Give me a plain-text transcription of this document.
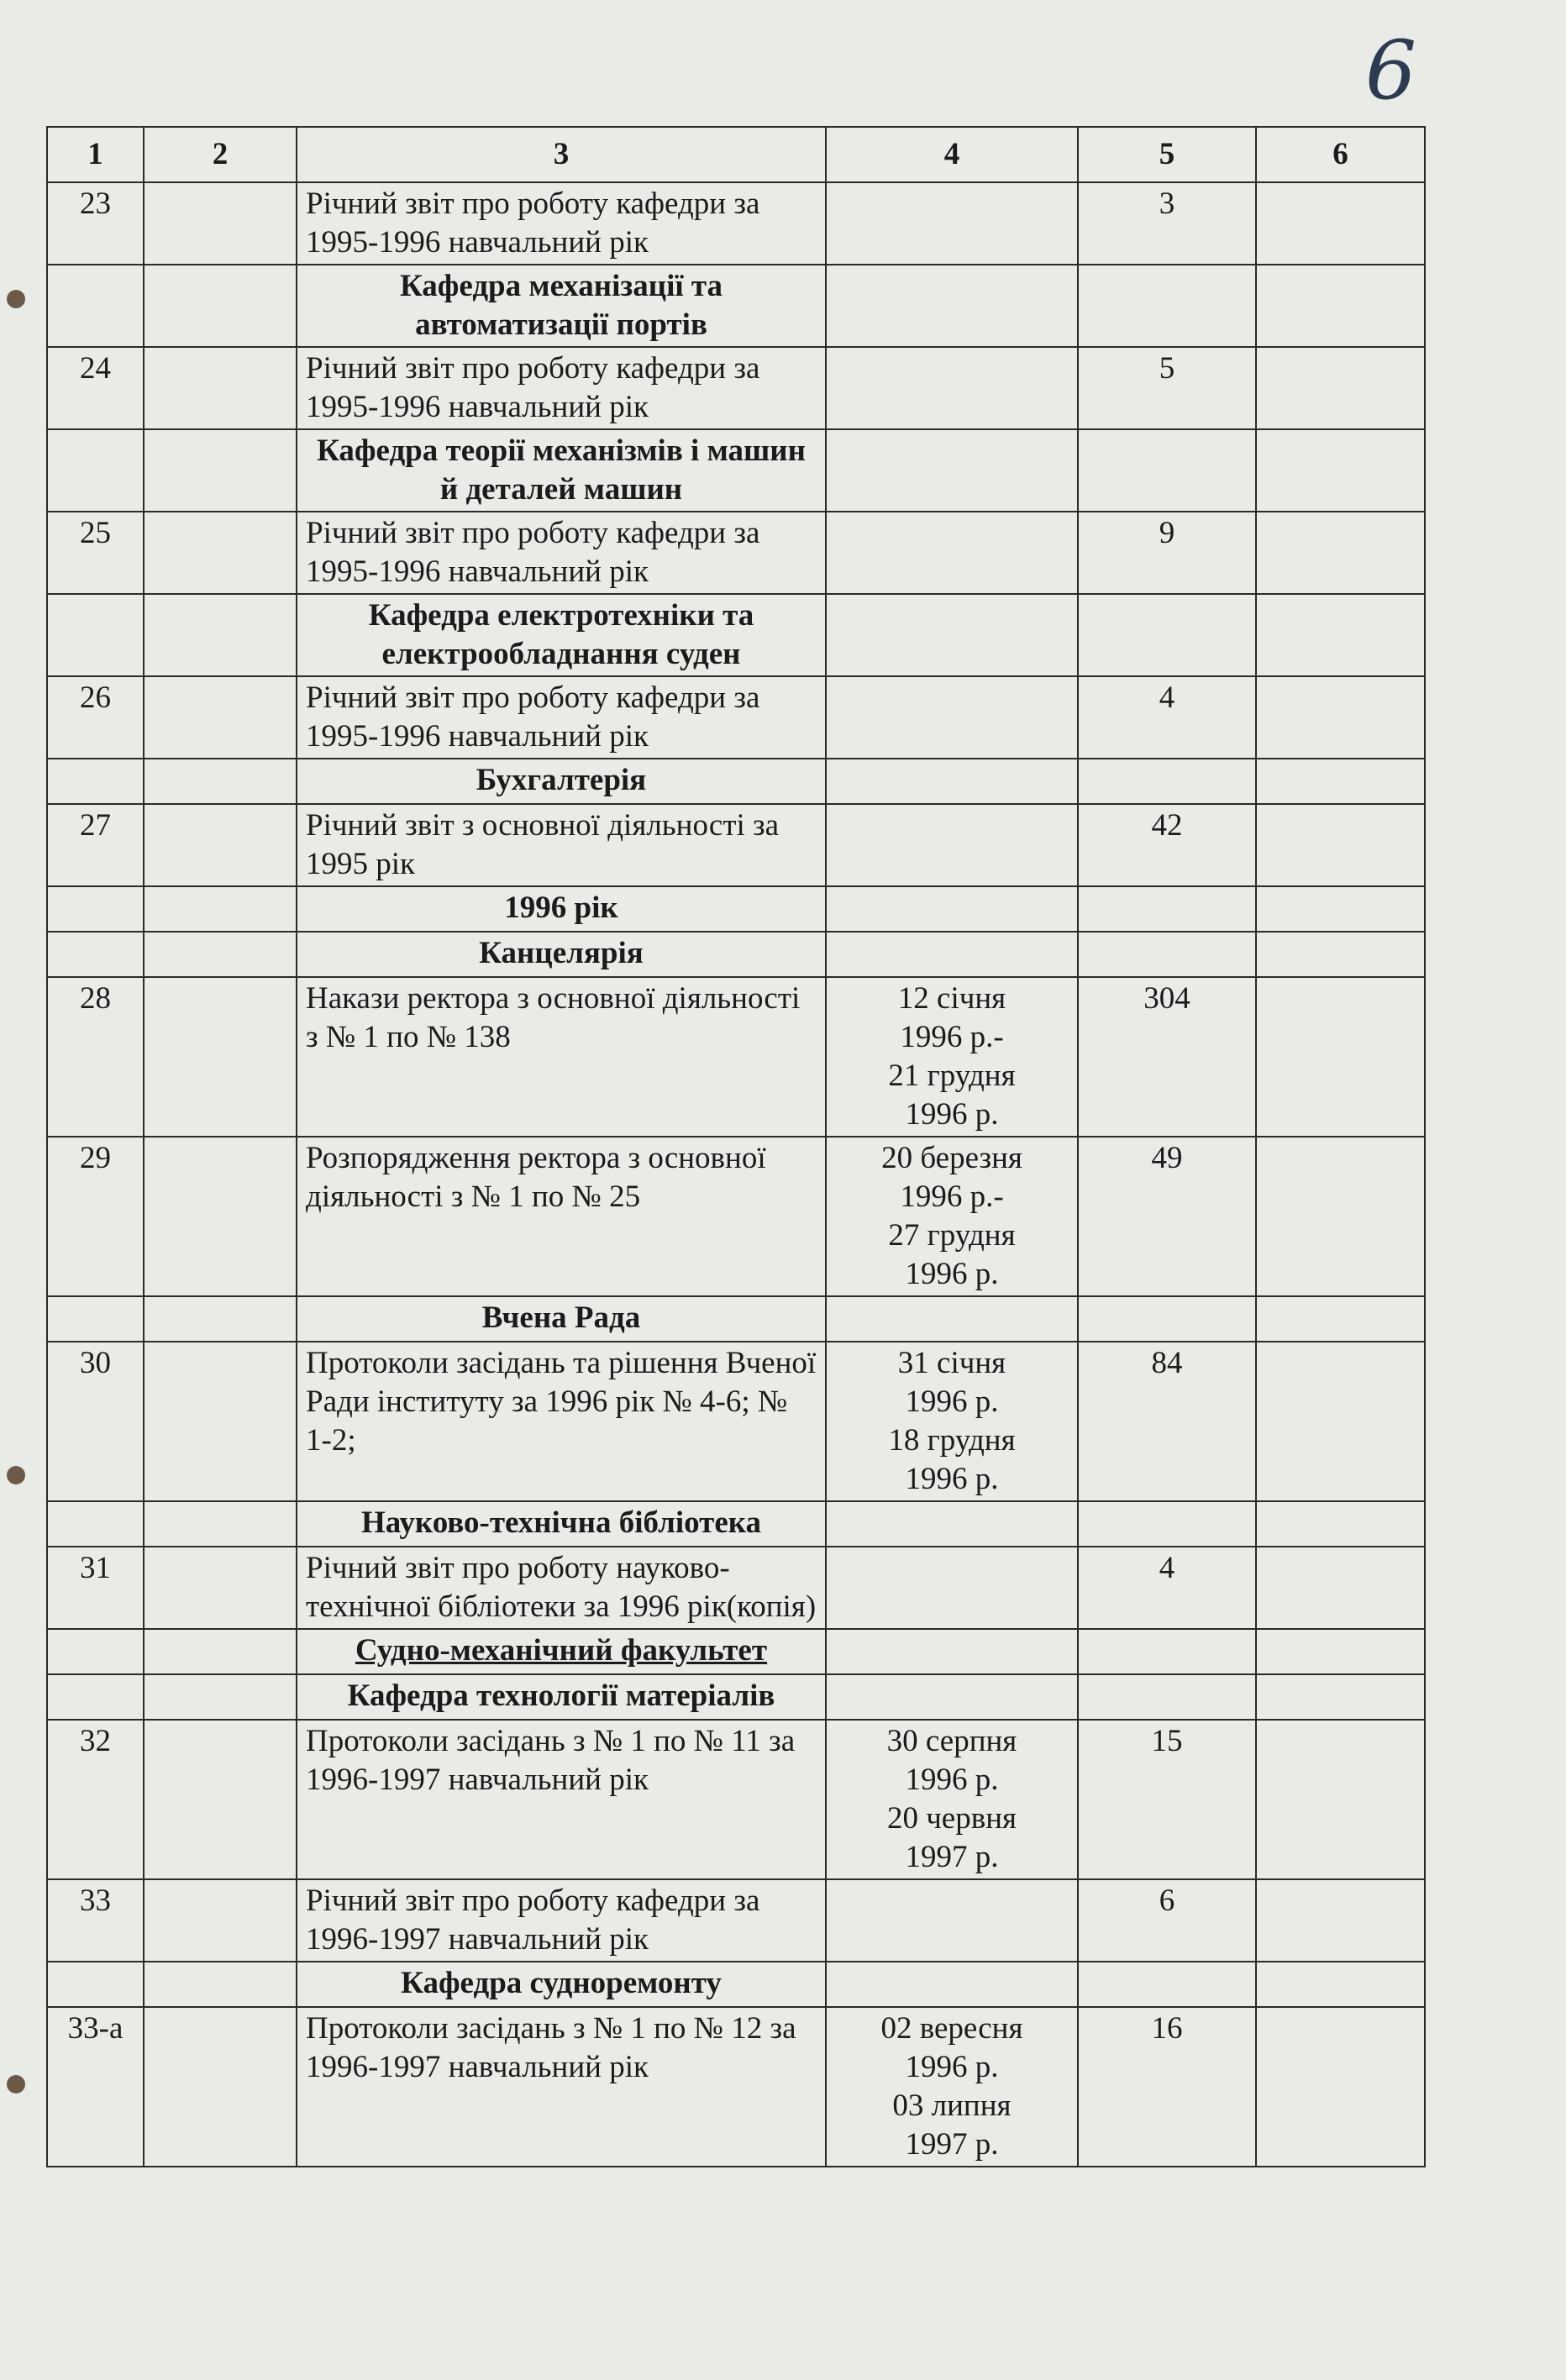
6
1	2	3	4	5	6
23		Річний звіт про роботу кафедри за 1995-1996 навчальний рік		3	
		Кафедра механізації та автоматизації портів			
24		Річний звіт про роботу кафедри за 1995-1996 навчальний рік		5	
		Кафедра теорії механізмів і машин й деталей машин			
25		Річний звіт про роботу кафедри за 1995-1996 навчальний рік		9	
		Кафедра електротехніки та електрообладнання суден			
26		Річний звіт про роботу кафедри за 1995-1996 навчальний рік		4	
		Бухгалтерія			
27		Річний звіт з основної діяльності за 1995 рік		42	
		1996 рік			
		Канцелярія			
28		Накази ректора з основної діяльності з № 1 по № 138	12 січня
1996 р.-
21 грудня
1996 р.	304	
29		Розпорядження ректора з основної діяльності з № 1 по № 25	20 березня
1996 р.-
27 грудня
1996 р.	49	
		Вчена Рада			
30		Протоколи засідань та рішення Вченої Ради інституту за 1996 рік № 4-6; № 1-2;	31 січня
1996 р.
18 грудня
1996 р.	84	
		Науково-технічна бібліотека			
31		Річний звіт про роботу науково-технічної бібліотеки за 1996 рік(копія)		4	
		Судно-механічний факультет			
		Кафедра технології матеріалів			
32		Протоколи засідань з № 1 по № 11 за 1996-1997 навчальний рік	30 серпня
1996 р.
20 червня
1997 р.	15	
33		Річний звіт про роботу кафедри за 1996-1997 навчальний рік		6	
		Кафедра судноремонту			
33-а		Протоколи засідань з № 1 по № 12 за 1996-1997 навчальний рік	02 вересня
1996 р.
03 липня
1997 р.	16	
